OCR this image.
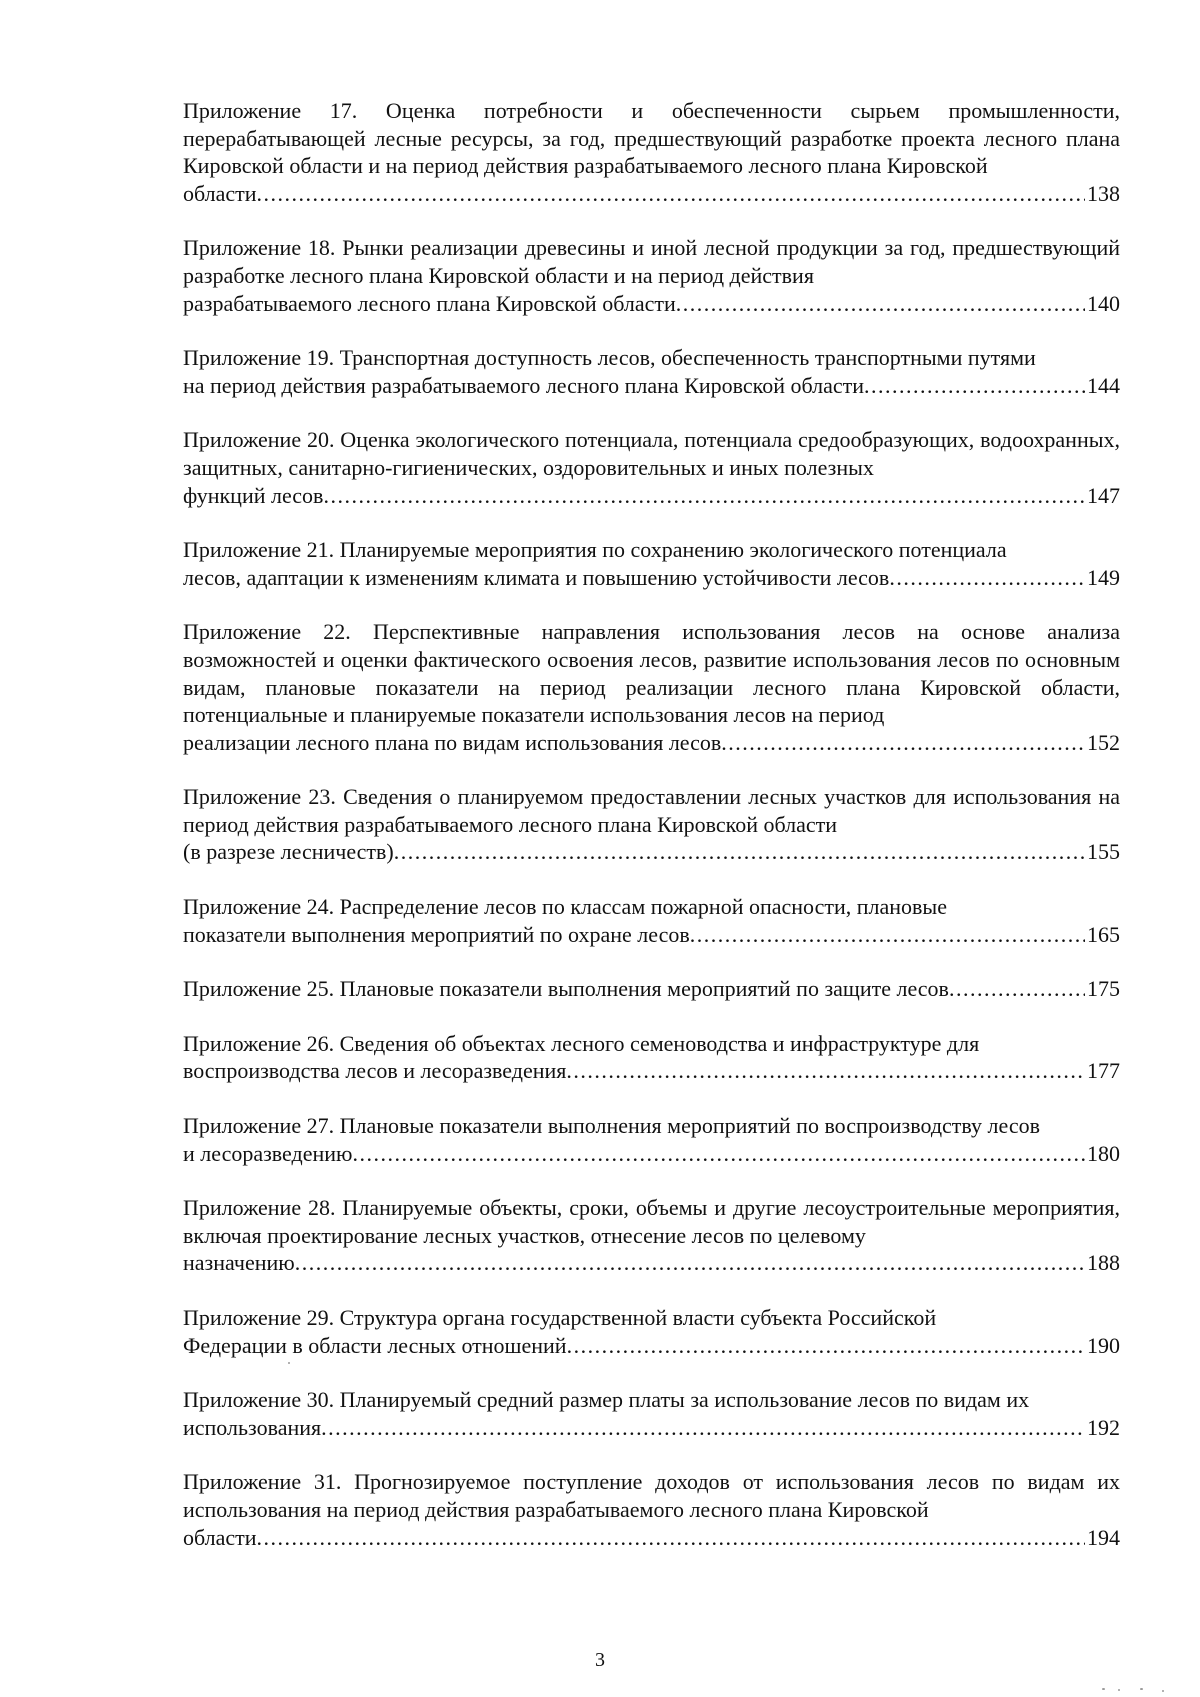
Приложение 17. Оценка потребности и обеспеченности сырьем промышленности, перерабатывающей лесные ресурсы, за год, предшествующий разработке проекта лесного плана Кировской области и на период действия разрабатываемого лесного плана Кировской
области .....	138
Приложение 18. Рынки реализации древесины и иной лесной продукции за год, предшествующий разработке лесного плана Кировской области и на период действия
разрабатываемого лесного плана Кировской области .....	140
Приложение 19. Транспортная доступность лесов, обеспеченность транспортными путями
на период действия разрабатываемого лесного плана Кировской области .....	144
Приложение 20. Оценка экологического потенциала, потенциала средообразующих, водоохранных, защитных, санитарно-гигиенических, оздоровительных и иных полезных
функций лесов .....	147
Приложение 21. Планируемые мероприятия по сохранению экологического потенциала
лесов, адаптации к изменениям климата и повышению устойчивости лесов .....	149
Приложение 22. Перспективные направления использования лесов на основе анализа возможностей и оценки фактического освоения лесов, развитие использования лесов по основным видам, плановые показатели на период реализации лесного плана Кировской области, потенциальные и планируемые показатели использования лесов на период
реализации лесного плана по видам использования лесов .....	152
Приложение 23. Сведения о планируемом предоставлении лесных участков для использования на период действия разрабатываемого лесного плана Кировской области
(в разрезе лесничеств) .....	155
Приложение 24. Распределение лесов по классам пожарной опасности, плановые
показатели выполнения мероприятий по охране лесов .....	165
Приложение 25. Плановые показатели выполнения мероприятий по защите лесов .....	175
Приложение 26. Сведения об объектах лесного семеноводства и инфраструктуре для
воспроизводства лесов и лесоразведения .....	177
Приложение 27. Плановые показатели выполнения мероприятий по воспроизводству лесов
и лесоразведению .....	180
Приложение 28. Планируемые объекты, сроки, объемы и другие лесоустроительные мероприятия, включая проектирование лесных участков, отнесение лесов по целевому
назначению .....	188
Приложение 29. Структура органа государственной власти субъекта Российской
Федерации в области лесных отношений .....	190
Приложение 30. Планируемый средний размер платы за использование лесов по видам их
использования .....	192
Приложение 31. Прогнозируемое поступление доходов от использования лесов по видам их использования на период действия разрабатываемого лесного плана Кировской
области .....	194
3
